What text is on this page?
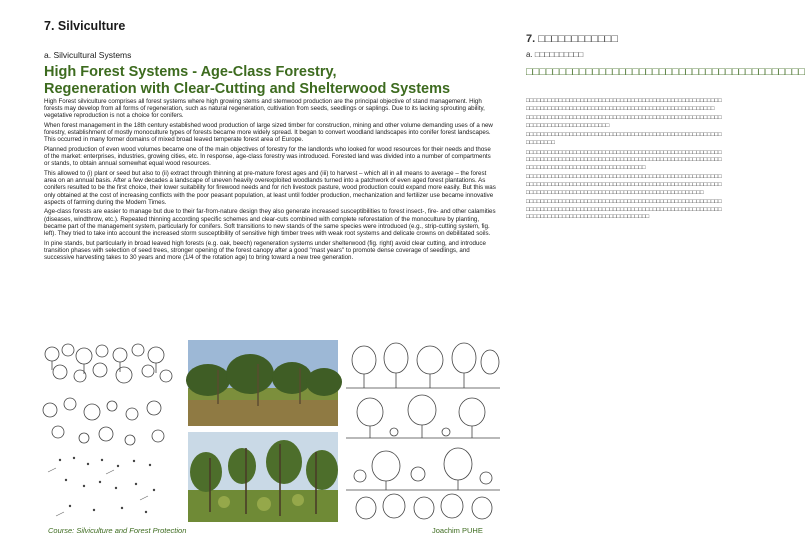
7. Silviculture
a. Silvicultural Systems
High Forest Systems - Age-Class Forestry,
Regeneration with Clear-Cutting and Shelterwood Systems

High Forest silviculture comprises all forest systems where high growing stems and stemwood production are the principal objective of stand management. High forests may develop from all forms of regeneration, such as natural regeneration, cultivation from seeds, seedlings or saplings. Due to its lacking sprouting ability, vegetative reproduction is not a choice for conifers.

When forest management in the 18th century established wood production of large sized timber for construction, mining and other volume demanding uses of a new forestry, establishment of mostly monoculture types of forests became more widely spread. It began to convert woodland landscapes into conifer forest landscapes. This occurred in many former domains of mixed broad leaved temperate forest area of Europe.

Planned production of even wood volumes became one of the main objectives of forestry for the landlords who looked for wood resources for their needs and those of the market: enterprises, industries, growing cities, etc. In response, age-class forestry was introduced. Forested land was divided into a number of compartments or stands, to obtain annual somewhat equal wood resources.

This allowed to (i) plant or seed but also to (ii) extract through thinning at pre-mature forest ages and (iii) to harvest – which all in all means to average – the forest area on an annual basis. After a few decades a landscape of uneven heavily overexploited woodlands turned into a patchwork of even aged forest plantations. As conifers resulted to be the first choice, their lower suitability for firewood needs and for rich livestock pasture, wood production could expand more easily. But this was only obtained at the cost of increasing conflicts with the poor peasant population, at least until fodder production, mechanization and fertilizer use became innovative aspects of farming during the Modern Times.

Age-class forests are easier to manage but due to their far-from-nature design they also generate increased susceptibilities to forest insect-, fire- and other calamities (diseases, windthrow, etc.). Repeated thinning according specific schemes and clear-cuts combined with complete reforestation of the monoculture by planting, became part of the management system, particularly for conifers. Soft transitions to new stands of the same species were introduced (e.g., strip-cutting system, fig. left). They tried to take into account the increased storm susceptibility of sensitive high timber trees with weak root systems and delicate crowns on debilitated soils.

In pine stands, but particularly in broad leaved high forests (e.g. oak, beech) regeneration systems under shelterwood (fig. right) avoid clear cutting, and introduce transition phases with selection of seed trees, stronger opening of the forest canopy after a good "mast years" to promote dense coverage of seedlings, and successive harvesting takes to 30 years and more (1/4 of the rotation age) to bring toward a new tree generation.

Course: Silviculture and Forest Protection	Joachim PUHE
7. □□□□□□□□□□□□
a. □□□□□□□□□□
□□□□□□□□□□□□□□□□□□□□□□□□□□□□□□□□□□□□□□□□□□

□□□□□□□□□□□□□□□□□□□□□□□□□□□□□□□□□□□□□□□□□□□□□□□□□□□□□□□□□□□□□□□□□□□□□□□□□□□□□□□□□□□□□□□□□□□□□□□□□□□□□□□□□□

□□□□□□□□□□□□□□□□□□□□□□□□□□□□□□□□□□□□□□□□□□□□□□□□□□□□□□□□□□□□□□□□□□□□□□□□□□□□□

□□□□□□□□□□□□□□□□□□□□□□□□□□□□□□□□□□□□□□□□□□□□□□□□□□□□□□□□□□□□□□

□□□□□□□□□□□□□□□□□□□□□□□□□□□□□□□□□□□□□□□□□□□□□□□□□□□□□□□□□□□□□□□□□□□□□□□□□□□□□□□□□□□□□□□□□□□□□□□□□□□□□□□□□□□□□□□□□□□□□□□□□□□□□□□□□□□□□□□□□□□□□

□□□□□□□□□□□□□□□□□□□□□□□□□□□□□□□□□□□□□□□□□□□□□□□□□□□□□□□□□□□□□□□□□□□□□□□□□□□□□□□□□□□□□□□□□□□□□□□□□□□□□□□□□□□□□□□□□□□□□□□□□□□□□□□□□□□□□□□□□□□□□□□□□□□□□□□□□□□□□

□□□□□□□□□□□□□□□□□□□□□□□□□□□□□□□□□□□□□□□□□□□□□□□□□□□□□□□□□□□□□□□□□□□□□□□□□□□□□□□□□□□□□□□□□□□□□□□□□□□□□□□□□□□□□□□□□□□□□□□□□□□□□□□□□□□□□□□□□□□□□□
